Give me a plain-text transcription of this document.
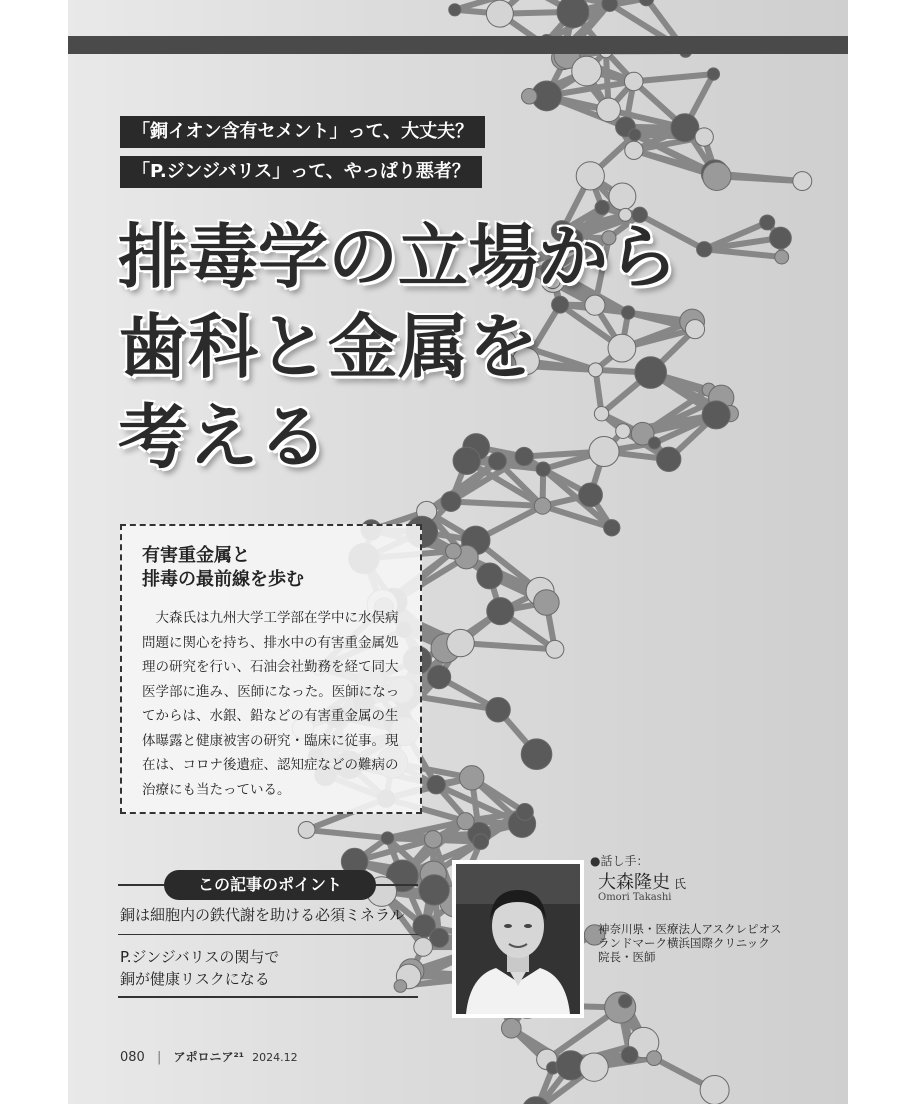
「銅イオン含有セメント」って、大丈夫？
「P.ジンジバリス」って、やっぱり悪者？
排毒学の立場から
歯科と金属を
考える
有害重金属と
排毒の最前線を歩む

大森氏は九州大学工学部在学中に水俣病問題に関心を持ち、排水中の有害重金属処理の研究を行い、石油会社勤務を経て同大医学部に進み、医師になった。医師になってからは、水銀、鉛などの有害重金属の生体曝露と健康被害の研究・臨床に従事。現在は、コロナ後遺症、認知症などの難病の治療にも当たっている。

この記事のポイント
銅は細胞内の鉄代謝を助ける必須ミネラル
P.ジンジバリスの関与で
銅が健康リスクになる
●話し手：
大森隆史 氏
Omori Takashi
神奈川県・医療法人アスクレピオス
ランドマーク横浜国際クリニック
院長・医師
080 | アポロニア²¹ 2024.12
